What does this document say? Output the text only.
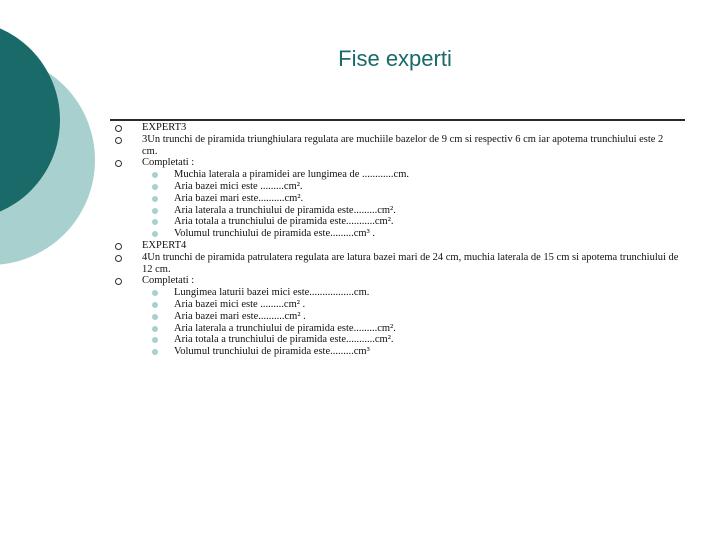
Fise experti
EXPERT3
3Un trunchi de piramida triunghiulara regulata are muchiile bazelor de 9 cm si respectiv 6 cm iar apotema trunchiului este 2 cm.
Completati :
Muchia laterala a piramidei are lungimea de ............cm.
Aria bazei mici este .........cm².
Aria bazei mari este..........cm².
Aria laterala a trunchiului de piramida este.........cm².
Aria totala a trunchiului de piramida este...........cm².
Volumul trunchiului de piramida este.........cm³ .
EXPERT4
4Un trunchi de piramida patrulatera regulata are latura bazei mari de 24 cm, muchia laterala de 15 cm si apotema trunchiului de 12 cm.
Completati :
Lungimea laturii bazei mici este.................cm.
Aria bazei mici este .........cm² .
Aria bazei mari este..........cm² .
Aria laterala a trunchiului de piramida este.........cm².
Aria totala a trunchiului de piramida este...........cm².
Volumul trunchiului de piramida este.........cm³
